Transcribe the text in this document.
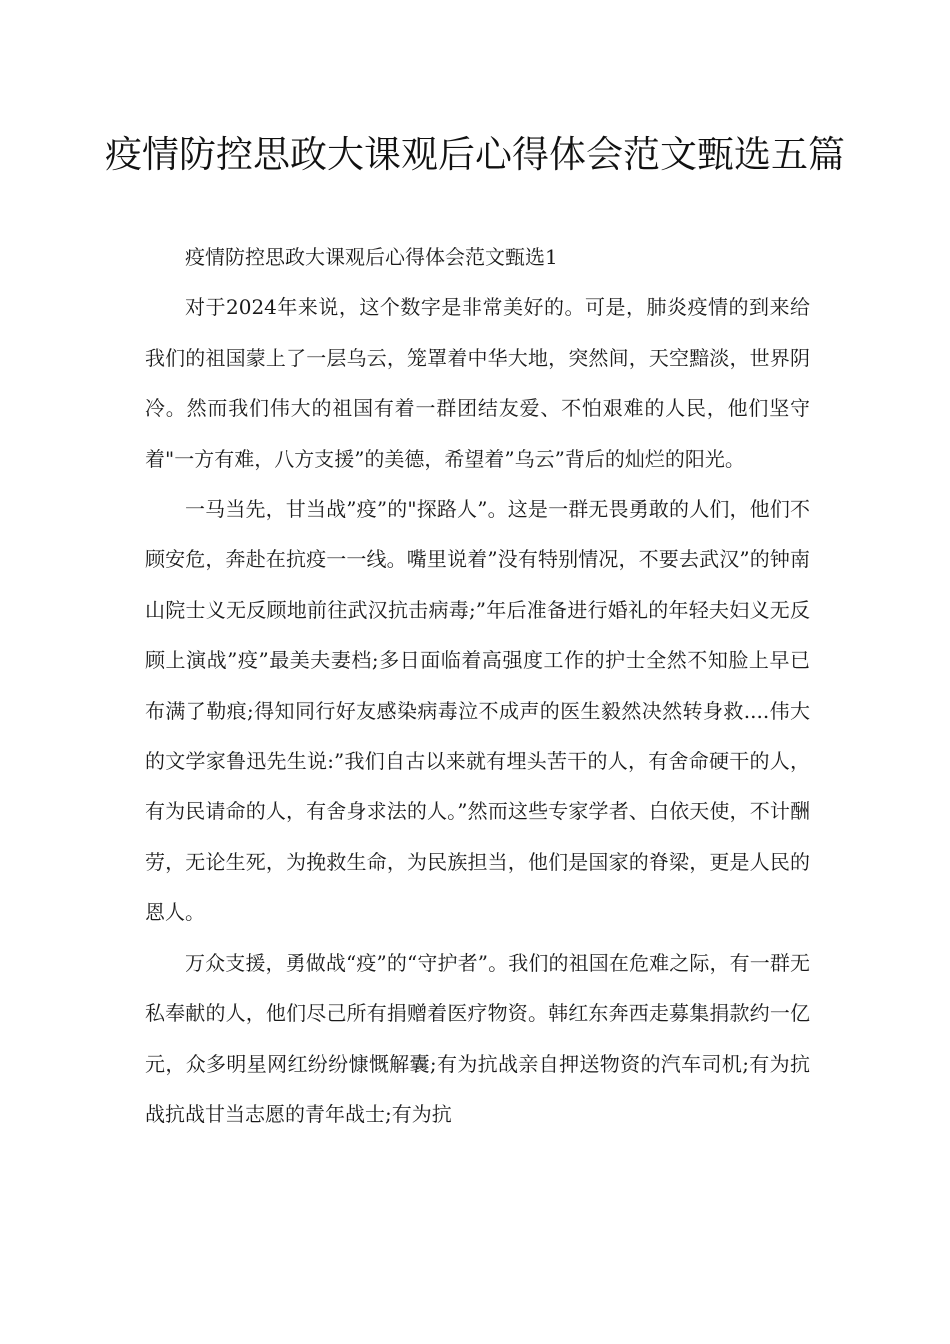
疫情防控思政大课观后心得体会范文甄选五篇

疫情防控思政大课观后心得体会范文甄选1

对于2024年来说，这个数字是非常美好的。可是，肺炎疫情的到来给我们的祖国蒙上了一层乌云，笼罩着中华大地，突然间，天空黯淡，世界阴冷。然而我们伟大的祖国有着一群团结友爱、不怕艰难的人民，他们坚守着"一方有难，八方支援”的美德，希望着”乌云”背后的灿烂的阳光。

一马当先，甘当战”疫”的"探路人”。这是一群无畏勇敢的人们，他们不顾安危，奔赴在抗疫一一线。嘴里说着”没有特别情况，不要去武汉”的钟南山院士义无反顾地前往武汉抗击病毒;”年后准备进行婚礼的年轻夫妇义无反顾上演战”疫”最美夫妻档;多日面临着高强度工作的护士全然不知脸上早已布满了勒痕;得知同行好友感染病毒泣不成声的医生毅然决然转身救....伟大的文学家鲁迅先生说:”我们自古以来就有埋头苦干的人，有舍命硬干的人，有为民请命的人，有舍身求法的人。”然而这些专家学者、白依天使，不计酬劳，无论生死，为挽救生命，为民族担当，他们是国家的脊梁，更是人民的恩人。

万众支援，勇做战“疫”的“守护者”。我们的祖国在危难之际，有一群无私奉献的人，他们尽己所有捐赠着医疗物资。韩红东奔西走募集捐款约一亿元，众多明星网红纷纷慷慨解囊;有为抗战亲自押送物资的汽车司机;有为抗战抗战甘当志愿的青年战士;有为抗
